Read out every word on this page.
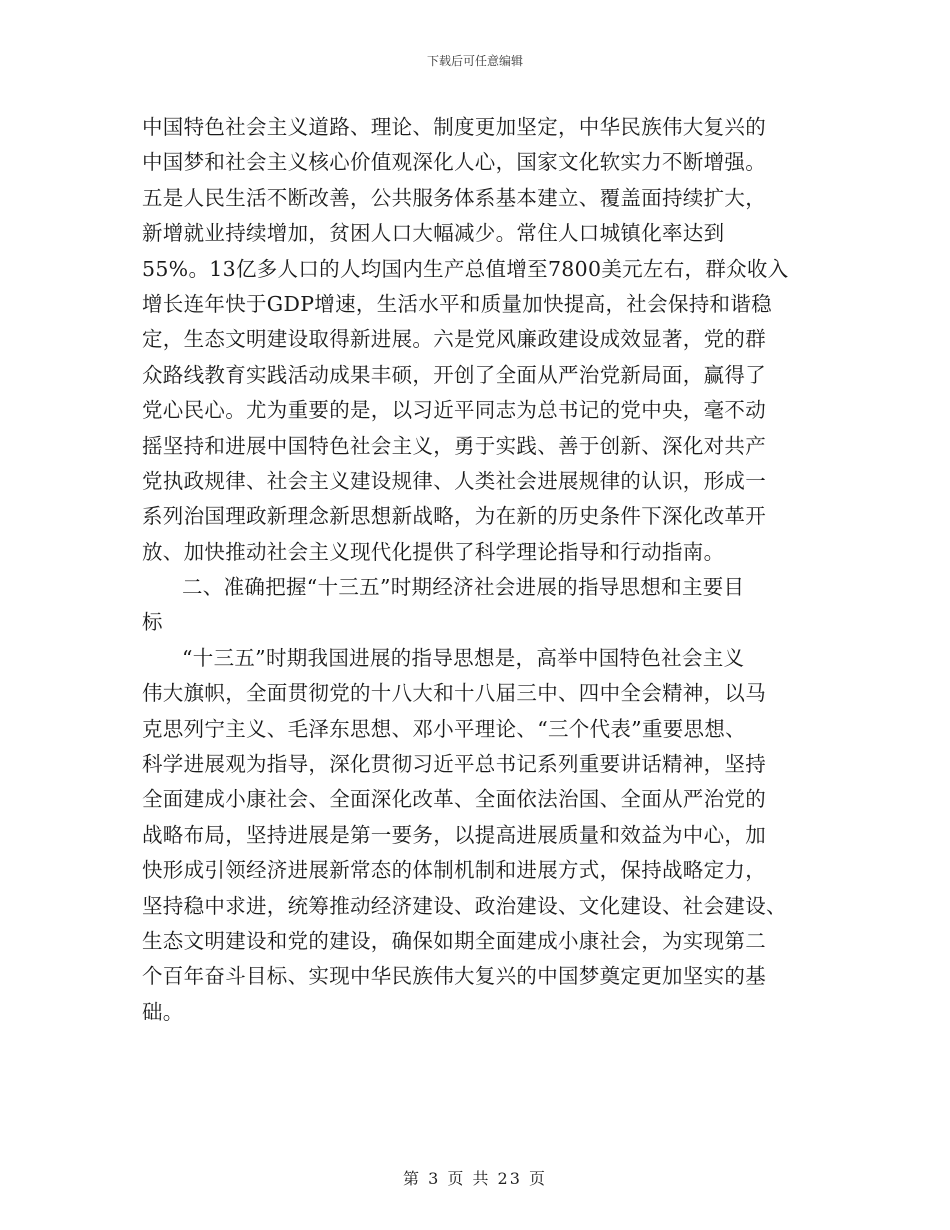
下载后可任意编辑
中国特色社会主义道路、理论、制度更加坚定，中华民族伟大复兴的
中国梦和社会主义核心价值观深化人心，国家文化软实力不断增强。
五是人民生活不断改善，公共服务体系基本建立、覆盖面持续扩大，
新增就业持续增加，贫困人口大幅减少。常住人口城镇化率达到
55%。13亿多人口的人均国内生产总值增至7800美元左右，群众收入
增长连年快于GDP增速，生活水平和质量加快提高，社会保持和谐稳
定，生态文明建设取得新进展。六是党风廉政建设成效显著，党的群
众路线教育实践活动成果丰硕，开创了全面从严治党新局面，赢得了
党心民心。尤为重要的是，以习近平同志为总书记的党中央，毫不动
摇坚持和进展中国特色社会主义，勇于实践、善于创新、深化对共产
党执政规律、社会主义建设规律、人类社会进展规律的认识，形成一
系列治国理政新理念新思想新战略，为在新的历史条件下深化改革开
放、加快推动社会主义现代化提供了科学理论指导和行动指南。
二、准确把握“十三五”时期经济社会进展的指导思想和主要目
标
“十三五”时期我国进展的指导思想是，高举中国特色社会主义
伟大旗帜，全面贯彻党的十八大和十八届三中、四中全会精神，以马
克思列宁主义、毛泽东思想、邓小平理论、“三个代表”重要思想、
科学进展观为指导，深化贯彻习近平总书记系列重要讲话精神，坚持
全面建成小康社会、全面深化改革、全面依法治国、全面从严治党的
战略布局，坚持进展是第一要务，以提高进展质量和效益为中心，加
快形成引领经济进展新常态的体制机制和进展方式，保持战略定力，
坚持稳中求进，统筹推动经济建设、政治建设、文化建设、社会建设、
生态文明建设和党的建设，确保如期全面建成小康社会，为实现第二
个百年奋斗目标、实现中华民族伟大复兴的中国梦奠定更加坚实的基
础。
第 3 页 共 23 页
